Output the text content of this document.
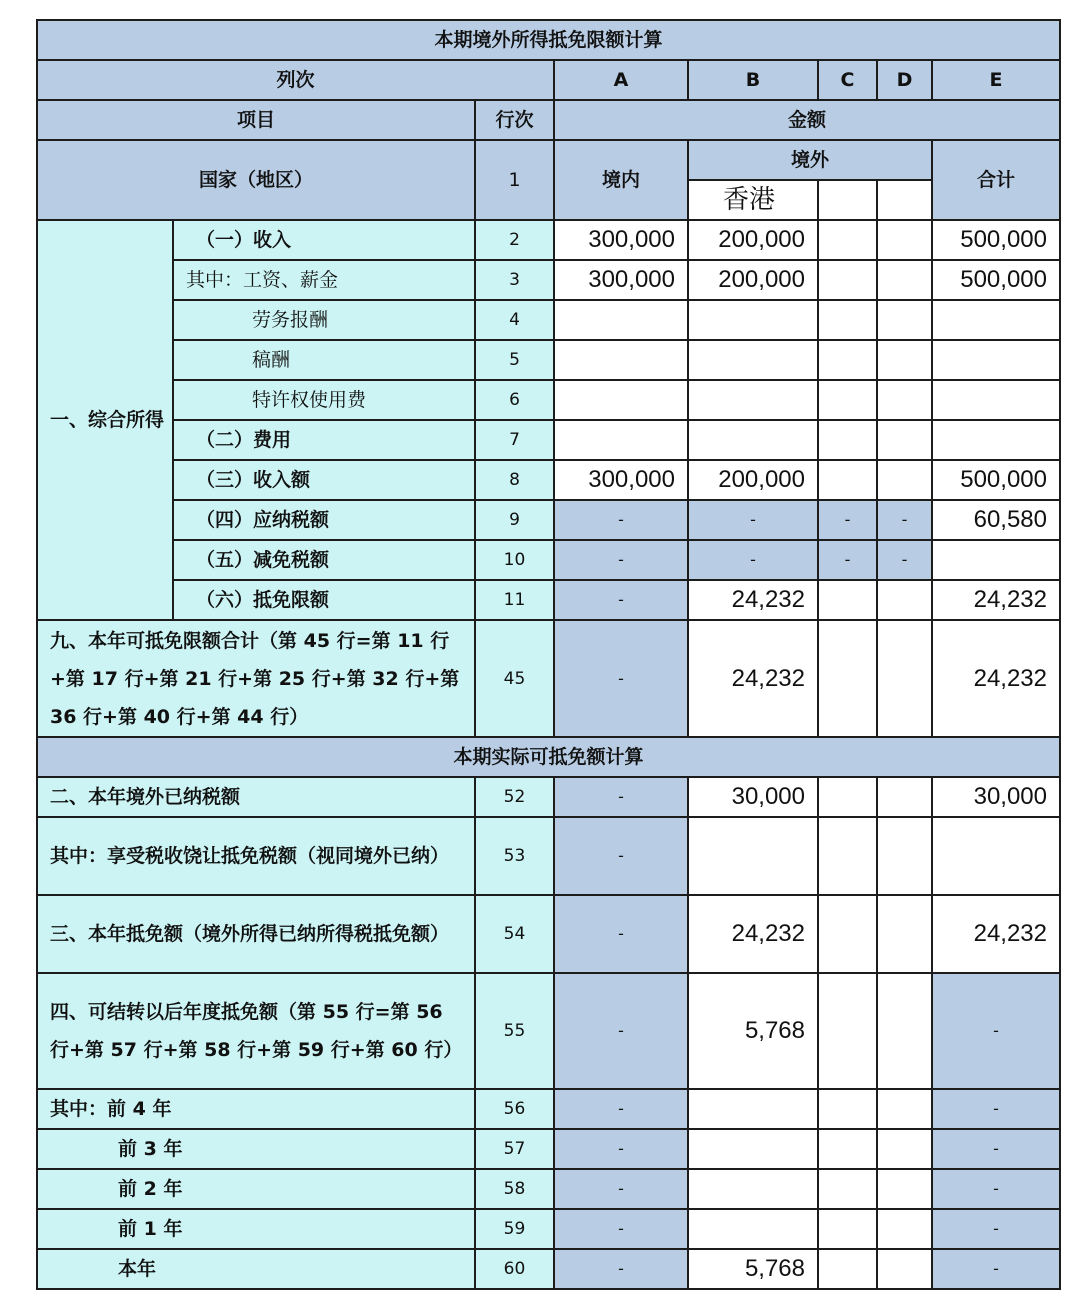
本期境外所得抵免限额计算							
列次			A	B	C	D	E
项目		行次	金额				
国家（地区）		1	境内	境外			合计
				香港			
一、综合所得	（一）收入	2	300,000	200,000			500,000
	其中：工资、薪金	3	300,000	200,000			500,000
	劳务报酬	4					
	稿酬	5					
	特许权使用费	6					
	（二）费用	7					
	（三）收入额	8	300,000	200,000			500,000
	（四）应纳税额	9	-	-	-	-	60,580
	（五）减免税额	10	-	-	-	-	
	（六）抵免限额	11	-	24,232			24,232
九、本年可抵免限额合计（第 45 行=第 11 行+第 17 行+第 21 行+第 25 行+第 32 行+第 36 行+第 40 行+第 44 行）		45	-	24,232			24,232
本期实际可抵免额计算							
二、本年境外已纳税额		52	-	30,000			30,000
其中：享受税收饶让抵免税额（视同境外已纳）		53	-				
三、本年抵免额（境外所得已纳所得税抵免额）		54	-	24,232			24,232
四、可结转以后年度抵免额（第 55 行=第 56 行+第 57 行+第 58 行+第 59 行+第 60 行）		55	-	5,768			-
其中：前 4 年		56	-				-
前 3 年		57	-				-
前 2 年		58	-				-
前 1 年		59	-				-
本年		60	-	5,768			-
